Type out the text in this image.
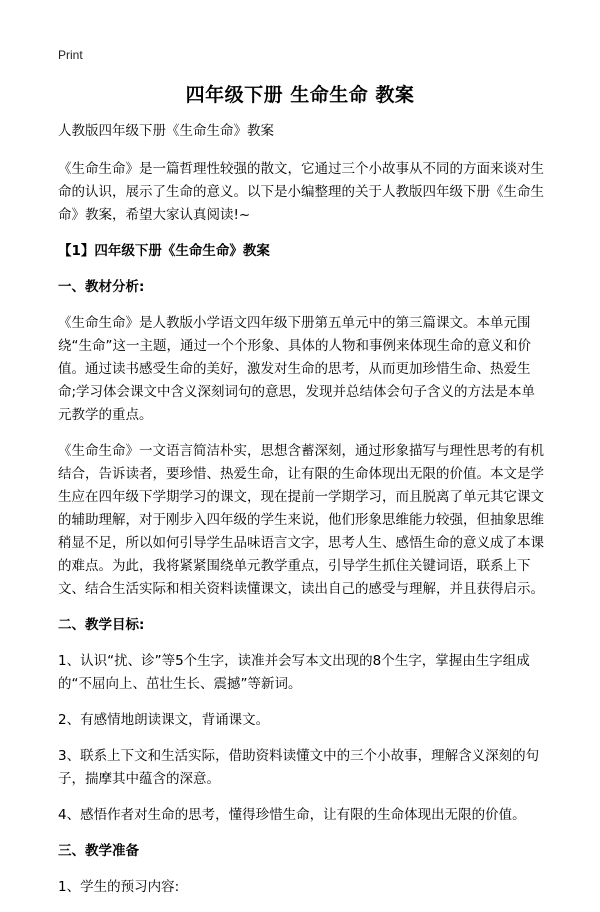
Print
四年级下册 生命生命 教案

人教版四年级下册《生命生命》教案

《生命生命》是一篇哲理性较强的散文，它通过三个小故事从不同的方面来谈对生命的认识，展示了生命的意义。以下是小编整理的关于人教版四年级下册《生命生命》教案，希望大家认真阅读!~

【1】四年级下册《生命生命》教案

一、教材分析:

《生命生命》是人教版小学语文四年级下册第五单元中的第三篇课文。本单元围绕“生命”这一主题，通过一个个形象、具体的人物和事例来体现生命的意义和价值。通过读书感受生命的美好，激发对生命的思考，从而更加珍惜生命、热爱生命;学习体会课文中含义深刻词句的意思，发现并总结体会句子含义的方法是本单元教学的重点。

《生命生命》一文语言简洁朴实，思想含蓄深刻，通过形象描写与理性思考的有机结合，告诉读者，要珍惜、热爱生命，让有限的生命体现出无限的价值。本文是学生应在四年级下学期学习的课文，现在提前一学期学习，而且脱离了单元其它课文的辅助理解，对于刚步入四年级的学生来说，他们形象思维能力较强，但抽象思维稍显不足，所以如何引导学生品味语言文字，思考人生、感悟生命的意义成了本课的难点。为此，我将紧紧围绕单元教学重点，引导学生抓住关键词语，联系上下文、结合生活实际和相关资料读懂课文，读出自己的感受与理解，并且获得启示。

二、教学目标:

1、认识“扰、诊”等5个生字，读准并会写本文出现的8个生字，掌握由生字组成的“不屈向上、茁壮生长、震撼”等新词。

2、有感情地朗读课文，背诵课文。

3、联系上下文和生活实际，借助资料读懂文中的三个小故事，理解含义深刻的句子，揣摩其中蕴含的深意。

4、感悟作者对生命的思考，懂得珍惜生命，让有限的生命体现出无限的价值。

三、教学准备

1、学生的预习内容:
